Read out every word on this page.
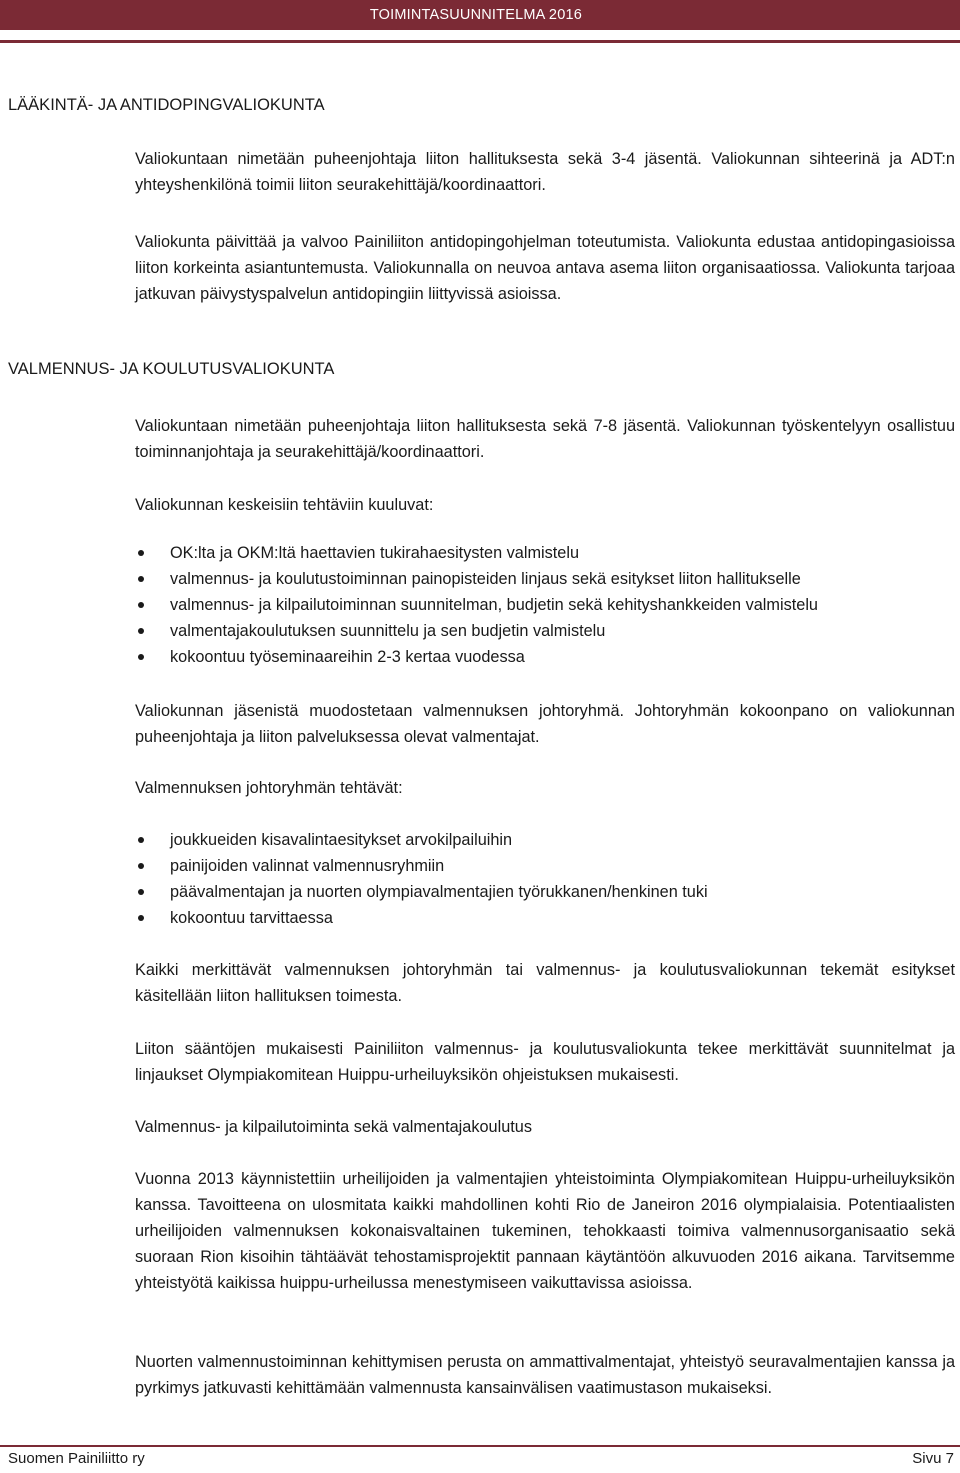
TOIMINTASUUNNITELMA 2016
LÄÄKINTÄ- JA ANTIDOPINGVALIOKUNTA

Valiokuntaan nimetään puheenjohtaja liiton hallituksesta sekä 3-4 jäsentä. Valiokunnan sihteerinä ja ADT:n yhteyshenkilönä toimii liiton seurakehittäjä/koordinaattori.

Valiokunta päivittää ja valvoo Painiliiton antidopingohjelman toteutumista. Valiokunta edustaa antidopingasioissa liiton korkeinta asiantuntemusta. Valiokunnalla on neuvoa antava asema liiton organisaatiossa. Valiokunta tarjoaa jatkuvan päivystyspalvelun antidopingiin liittyvissä asioissa.

VALMENNUS- JA KOULUTUSVALIOKUNTA

Valiokuntaan nimetään puheenjohtaja liiton hallituksesta sekä 7-8 jäsentä. Valiokunnan työskentelyyn osallistuu toiminnanjohtaja ja seurakehittäjä/koordinaattori.

Valiokunnan keskeisiin tehtäviin kuuluvat:

OK:lta ja OKM:ltä haettavien tukirahaesitysten valmistelu
valmennus- ja koulutustoiminnan painopisteiden linjaus sekä esitykset liiton hallitukselle
valmennus- ja kilpailutoiminnan suunnitelman, budjetin sekä kehityshankkeiden valmistelu
valmentajakoulutuksen suunnittelu ja sen budjetin valmistelu
kokoontuu työseminaareihin 2-3 kertaa vuodessa

Valiokunnan jäsenistä muodostetaan valmennuksen johtoryhmä. Johtoryhmän kokoonpano on valiokunnan puheenjohtaja ja liiton palveluksessa olevat valmentajat.

Valmennuksen johtoryhmän tehtävät:

joukkueiden kisavalintaesitykset arvokilpailuihin
painijoiden valinnat valmennusryhmiin
päävalmentajan ja nuorten olympiavalmentajien työrukkanen/henkinen tuki
kokoontuu tarvittaessa

Kaikki merkittävät valmennuksen johtoryhmän tai valmennus- ja koulutusvaliokunnan tekemät esitykset käsitellään liiton hallituksen toimesta.

Liiton sääntöjen mukaisesti Painiliiton valmennus- ja koulutusvaliokunta tekee merkittävät suunnitelmat ja linjaukset Olympiakomitean Huippu-urheiluyksikön ohjeistuksen mukaisesti.

Valmennus- ja kilpailutoiminta sekä valmentajakoulutus

Vuonna 2013 käynnistettiin urheilijoiden ja valmentajien yhteistoiminta Olympiakomitean Huippu-urheiluyksikön kanssa. Tavoitteena on ulosmitata kaikki mahdollinen kohti Rio de Janeiron 2016 olympialaisia. Potentiaalisten urheilijoiden valmennuksen kokonaisvaltainen tukeminen, tehokkaasti toimiva valmennusorganisaatio sekä suoraan Rion kisoihin tähtäävät tehostamisprojektit pannaan käytäntöön alkuvuoden 2016 aikana. Tarvitsemme yhteistyötä kaikissa huippu-urheilussa menestymiseen vaikuttavissa asioissa.

Nuorten valmennustoiminnan kehittymisen perusta on ammattivalmentajat, yhteistyö seuravalmentajien kanssa ja pyrkimys jatkuvasti kehittämään valmennusta kansainvälisen vaatimustason mukaiseksi.

Suomen Painiliitto ry	Sivu 7
